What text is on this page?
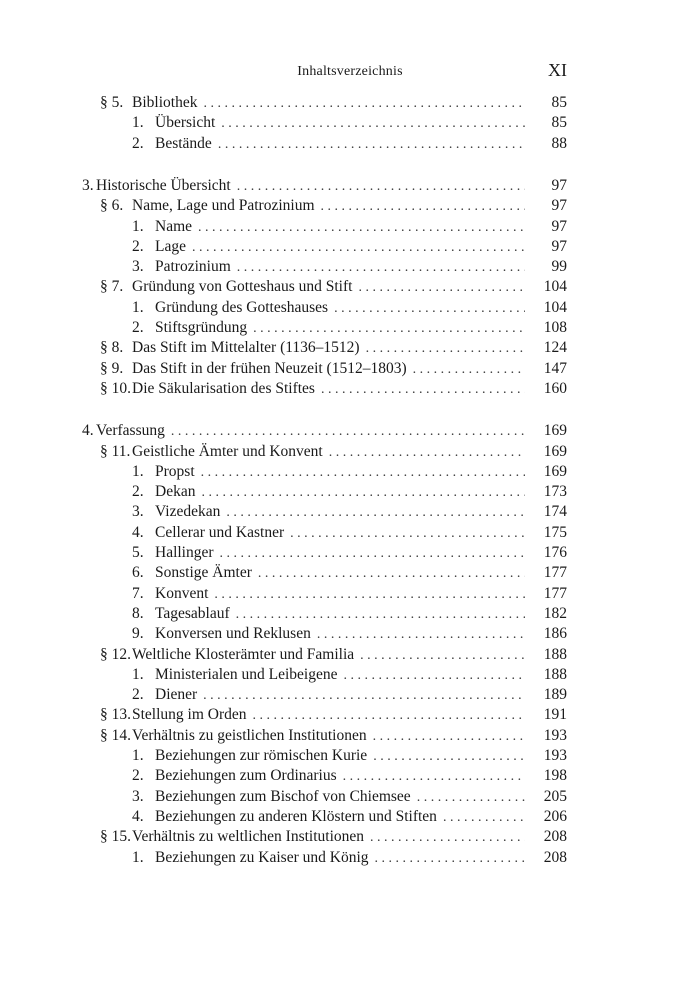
Inhaltsverzeichnis	XI
§ 5. Bibliothek . . .	85
1. Übersicht . . .	85
2. Bestände . . .	88
3. Historische Übersicht . . .	97
§ 6. Name, Lage und Patrozinium . . .	97
1. Name . . .	97
2. Lage . . .	97
3. Patrozinium . . .	99
§ 7. Gründung von Gotteshaus und Stift . . .	104
1. Gründung des Gotteshauses . . .	104
2. Stiftsgründung . . .	108
§ 8. Das Stift im Mittelalter (1136–1512) . . .	124
§ 9. Das Stift in der frühen Neuzeit (1512–1803) . . .	147
§ 10. Die Säkularisation des Stiftes . . .	160
4. Verfassung . . .	169
§ 11. Geistliche Ämter und Konvent . . .	169
1. Propst . . .	169
2. Dekan . . .	173
3. Vizedekan . . .	174
4. Cellerar und Kastner . . .	175
5. Hallinger . . .	176
6. Sonstige Ämter . . .	177
7. Konvent . . .	177
8. Tagesablauf . . .	182
9. Konversen und Reklusen . . .	186
§ 12. Weltliche Klosterämter und Familia . . .	188
1. Ministerialen und Leibeigene . . .	188
2. Diener . . .	189
§ 13. Stellung im Orden . . .	191
§ 14. Verhältnis zu geistlichen Institutionen . . .	193
1. Beziehungen zur römischen Kurie . . .	193
2. Beziehungen zum Ordinarius . . .	198
3. Beziehungen zum Bischof von Chiemsee . . .	205
4. Beziehungen zu anderen Klöstern und Stiften . . .	206
§ 15. Verhältnis zu weltlichen Institutionen . . .	208
1. Beziehungen zu Kaiser und König . . .	208
